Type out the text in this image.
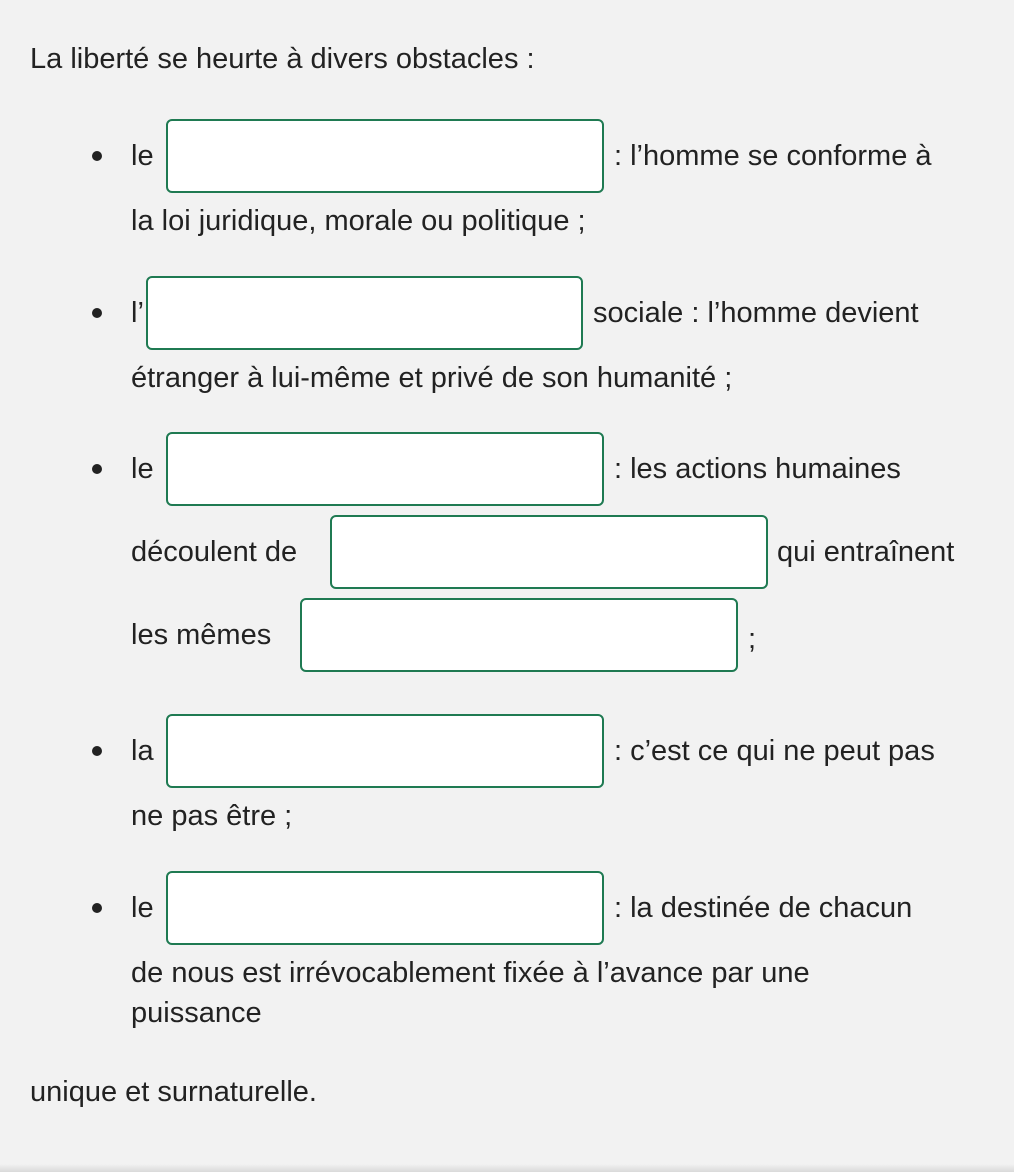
La liberté se heurte à divers obstacles :

le	: l’homme se conforme à
la loi juridique, morale ou politique ;
l’	sociale : l’homme devient
étranger à lui-même et privé de son humanité ;
le	: les actions humaines
découlent de	qui entraînent
les mêmes	;
la	: c’est ce qui ne peut pas
ne pas être ;
le	: la destinée de chacun
de nous est irrévocablement fixée à l’avance par une
puissance

unique et surnaturelle.
